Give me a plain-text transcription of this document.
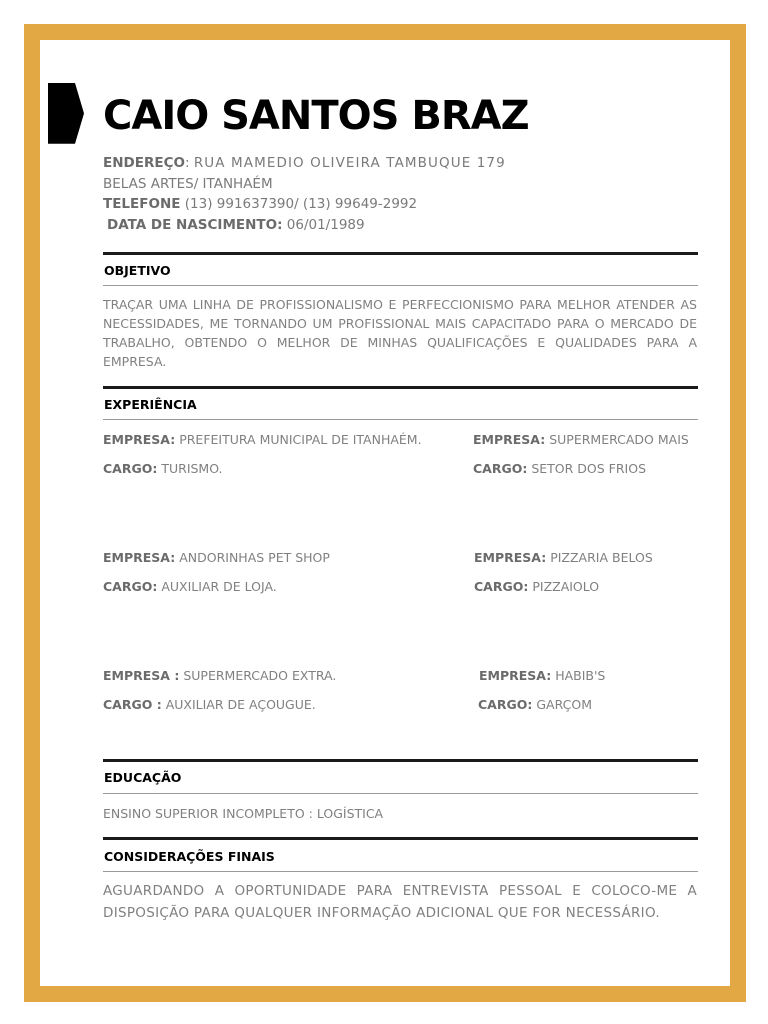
CAIO SANTOS BRAZ
ENDEREÇO: RUA MAMEDIO OLIVEIRA TAMBUQUE 179
BELAS ARTES/ ITANHAÉM
TELEFONE (13) 991637390/ (13) 99649-2992
DATA DE NASCIMENTO: 06/01/1989
OBJETIVO
TRAÇAR UMA LINHA DE PROFISSIONALISMO E PERFECCIONISMO PARA MELHOR ATENDER AS NECESSIDADES, ME TORNANDO UM PROFISSIONAL MAIS CAPACITADO PARA O MERCADO DE TRABALHO, OBTENDO O MELHOR DE MINHAS QUALIFICAÇÕES E QUALIDADES PARA A EMPRESA.
EXPERIÊNCIA
EMPRESA: PREFEITURA MUNICIPAL DE ITANHAÉM.
CARGO: TURISMO.
EMPRESA: SUPERMERCADO MAIS
CARGO: SETOR DOS FRIOS
EMPRESA: ANDORINHAS PET SHOP
CARGO: AUXILIAR DE LOJA.
EMPRESA: PIZZARIA BELOS
CARGO: PIZZAIOLO
EMPRESA : SUPERMERCADO EXTRA.
CARGO : AUXILIAR DE AÇOUGUE.
EMPRESA: HABIB'S
CARGO: GARÇOM
EDUCAÇÃO
ENSINO SUPERIOR INCOMPLETO : LOGÍSTICA
CONSIDERAÇÕES FINAIS
AGUARDANDO A OPORTUNIDADE PARA ENTREVISTA PESSOAL E COLOCO-ME A DISPOSIÇÃO PARA QUALQUER INFORMAÇÃO ADICIONAL QUE FOR NECESSÁRIO.
